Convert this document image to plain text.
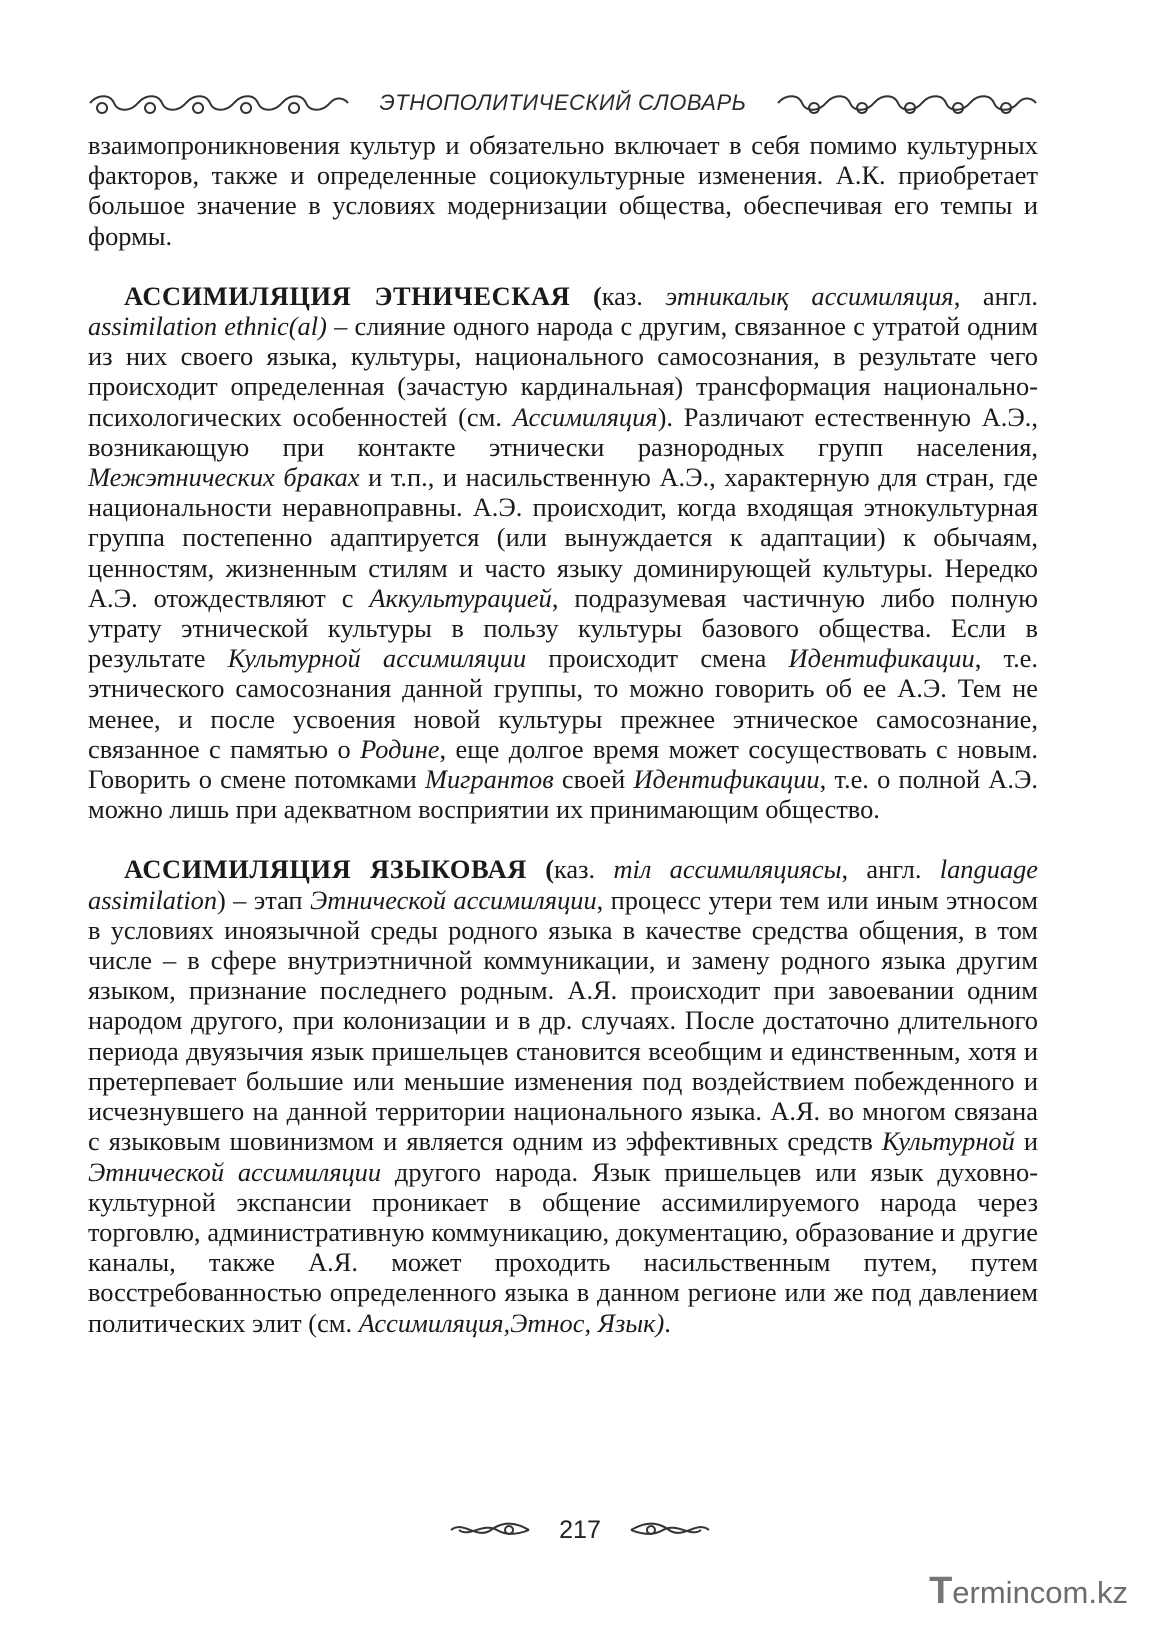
ЭТНОПОЛИТИЧЕСКИЙ СЛОВАРЬ

взаимопроникновения культур и обязательно включает в себя помимо культурных факторов, также и определенные социокультурные изменения. А.К. приобретает большое значение в условиях модернизации общества, обеспечивая его темпы и формы.

АССИМИЛЯЦИЯ ЭТНИЧЕСКАЯ (каз. этникалық ассимиляция, англ. assimilation ethnic(al) – слияние одного народа с другим, связанное с утратой одним из них своего языка, культуры, национального самосознания, в результате чего происходит определенная (зачастую кардинальная) трансформация национально-психологических особенностей (см. Ассимиляция). Различают естественную А.Э., возникающую при контакте этнически разнородных групп населения, Межэтнических браках и т.п., и насильственную А.Э., характерную для стран, где национальности неравноправны. А.Э. происходит, когда входящая этнокультурная группа постепенно адаптируется (или вынуждается к адаптации) к обычаям, ценностям, жизненным стилям и часто языку доминирующей культуры. Нередко А.Э. отождествляют с Аккультурацией, подразумевая частичную либо полную утрату этнической культуры в пользу культуры базового общества. Если в результате Культурной ассимиляции происходит смена Идентификации, т.е. этнического самосознания данной группы, то можно говорить об ее А.Э. Тем не менее, и после усвоения новой культуры прежнее этническое самосознание, связанное с памятью о Родине, еще долгое время может сосуществовать с новым. Говорить о смене потомками Мигрантов своей Идентификации, т.е. о полной А.Э. можно лишь при адекватном восприятии их принимающим общество.

АССИМИЛЯЦИЯ ЯЗЫКОВАЯ (каз. тіл ассимиляциясы, англ. language assimilation) – этап Этнической ассимиляции, процесс утери тем или иным этносом в условиях иноязычной среды родного языка в качестве средства общения, в том числе – в сфере внутриэтничной коммуникации, и замену родного языка другим языком, признание последнего родным. А.Я. происходит при завоевании одним народом другого, при колонизации и в др. случаях. После достаточно длительного периода двуязычия язык пришельцев становится всеобщим и единственным, хотя и претерпевает большие или меньшие изменения под воздействием побежденного и исчезнувшего на данной территории национального языка. А.Я. во многом связана с языковым шовинизмом и является одним из эффективных средств Культурной и Этнической ассимиляции другого народа. Язык пришельцев или язык духовно-культурной экспансии проникает в общение ассимилируемого народа через торговлю, административную коммуникацию, документацию, образование и другие каналы, также А.Я. может проходить насильственным путем, путем восстребованностью определенного языка в данном регионе или же под давлением политических элит (см. Ассимиляция,Этнос, Язык).

217
T ermincom.kz
